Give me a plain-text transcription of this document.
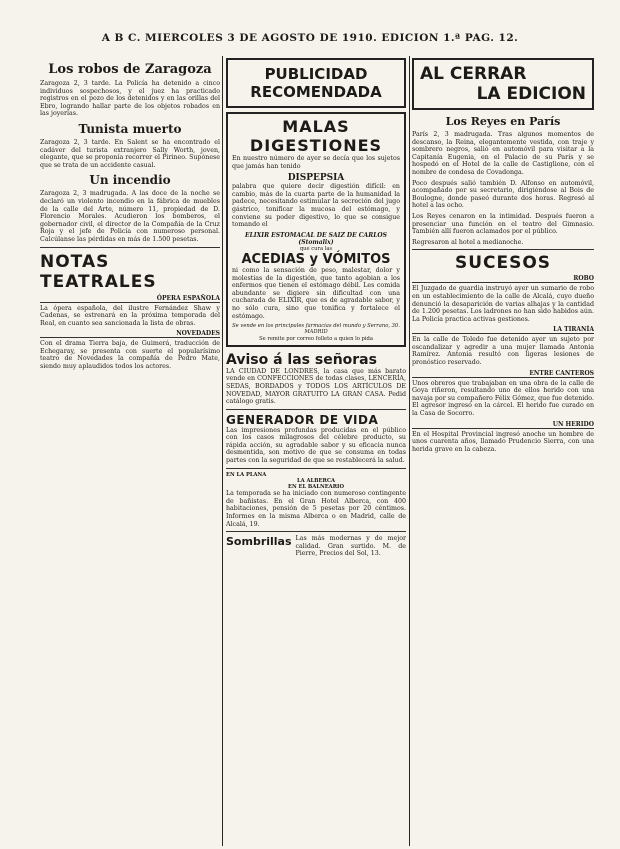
A B C. MIERCOLES 3 DE AGOSTO DE 1910. EDICION 1.ª PAG. 12.
Los robos de Zaragoza

Zaragoza 2, 3 tarde. La Policía ha detenido a cinco individuos sospechosos, y el juez ha practicado registros en el pozo de los detenidos y en las orillas del Ebro, logrando hallar parte de los objetos robados en las joyerías.

Tunista muerto

Zaragoza 2, 3 tarde. En Salent se ha encontrado el cadáver del turista extranjero Sally Worth, joven, elegante, que se proponía recorrer el Pirineo. Supónese que se trata de un accidente casual.

Un incendio

Zaragoza 2, 3 madrugada. A las doce de la noche se declaró un violento incendio en la fábrica de muebles de la calle del Arte, número 11, propiedad de D. Florencio Morales. Acudieron los bomberos, el gobernador civil, el director de la Compañía de la Cruz Roja y el jefe de Policía con numeroso personal. Calcúlanse las pérdidas en más de 1.500 pesetas.

NOTAS TEATRALES
ÓPERA ESPAÑOLA

La ópera española, del ilustre Fernández Shaw y Cadenas, se estrenará en la próxima temporada del Real, en cuanto sea sancionada la lista de obras.

NOVEDADES

Con el drama Tierra baja, de Guimerá, traducción de Echegaray, se presenta con suerte el popularísimo teatro de Novedades la compañía de Pedro Mate, siendo muy aplaudidos todos los actores.

PUBLICIDAD
RECOMENDADA
MALAS
DIGESTIONES

En nuestro número de ayer se decía que los sujetos que jamás han tenido

DISPEPSIA

palabra que quiere decir digestión difícil: en cambio, más de la cuarta parte de la humanidad la padece, necesitando estimular la secreción del jugo gástrico, tonificar la mucosa del estómago, y conviene su poder digestivo, lo que se consigue tomando el

ELIXIR ESTOMACAL DE SAIZ DE CARLOS (Stomalix)
que cura las
ACEDIAS y VÓMITOS

ni como la sensación de peso, malestar, dolor y molestias de la digestión, que tanto agobian a los enfermos que tienen el estómago débil. Les comida abundante se digiere sin dificultad con una cucharada de ELIXIR, que es de agradable sabor, y no sólo cura, sino que tonifica y fortalece el estómago.

Se vende en los principales farmacias del mundo y Serrano, 30. MADRID
Se remite por correo folleto a quien lo pida
Aviso á las señoras

LA CIUDAD DE LONDRES, la casa que más barato vende en CONFECCIONES de todas clases, LENCERÍA, SEDAS, BORDADOS y TODOS LOS ARTÍCULOS DE NOVEDAD, MAYOR GRATUITO LA GRAN CASA. Pedid catálogo gratis.

GENERADOR DE VIDA

Las impresiones profundas producidas en el público con los casos milagrosos del célebre producto, su rápida acción, su agradable sabor y su eficacia nunca desmentida, son motivo de que se consuma en todas partes con la seguridad de que se restablecerá la salud.

EN LA PLANA
LA ALBERCA
EN EL BALNEARIO

La temporada se ha iniciado con numeroso contingente de bañistas. En el Gran Hotel Alberca, con 400 habitaciones, pensión de 5 pesetas por 20 céntimos. Informes en la misma Alberca o en Madrid, calle de Alcalá, 19.

Sombrillas Las más modernas y de mejor calidad. Gran surtido. M. de Pierre, Precios del Sol, 13.

AL CERRAR
LA EDICION
Los Reyes en París

París 2, 3 madrugada. Tras algunos momentos de descanso, la Reina, elegantemente vestida, con traje y sombrero negros, salió en automóvil para visitar a la Capitanía Eugenia, en el Palacio de su París y se hospedó en el Hotel de la calle de Castiglione, con el nombre de condesa de Covadonga.

Poco después salió también D. Alfonso en automóvil, acompañado por su secretario, dirigiéndose al Bois de Boulogne, donde paseó durante dos horas. Regresó al hotel a las ocho.

Los Reyes cenaron en la intimidad. Después fueron a presenciar una función en el teatro del Gimnasio. También allí fueron aclamados por el público.

Regresaron al hotel a medianoche.

SUCESOS
ROBO

El Juzgado de guardia instruyó ayer un sumario de robo en un establecimiento de la calle de Alcalá, cuyo dueño denunció la desaparición de varias alhajas y la cantidad de 1.200 pesetas. Los ladrones no han sido habidos aún. La Policía practica activas gestiones.

LA TIRANÍA

En la calle de Toledo fue detenido ayer un sujeto por escandalizar y agredir a una mujer llamada Antonia Ramírez. Antonia resultó con ligeras lesiones de pronóstico reservado.

ENTRE CANTEROS

Unos obreros que trabajaban en una obra de la calle de Goya riñeron, resultando uno de ellos herido con una navaja por su compañero Félix Gómez, que fue detenido. El agresor ingresó en la cárcel. El herido fue curado en la Casa de Socorro.

UN HERIDO

En el Hospital Provincial ingresó anoche un hombre de unos cuarenta años, llamado Prudencio Sierra, con una herida grave en la cabeza.
